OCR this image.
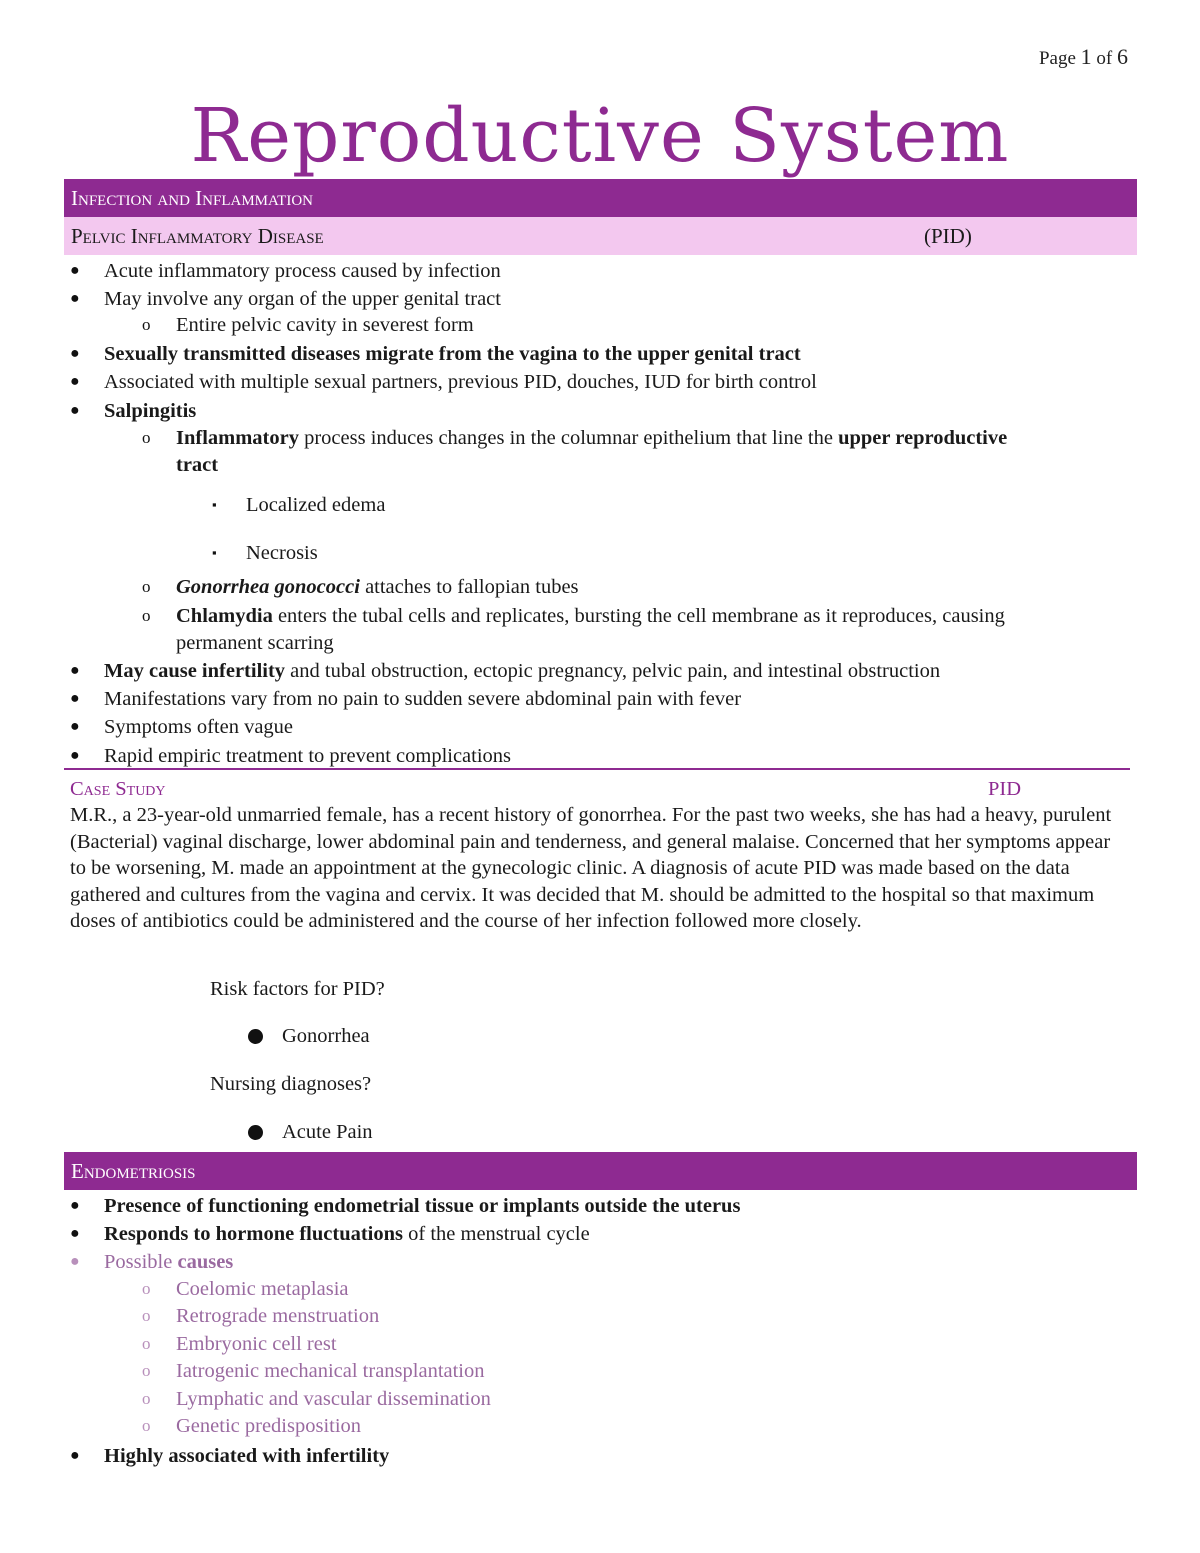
Page 1 of 6
Reproductive System
Infection and Inflammation
Pelvic Inflammatory Disease	(PID)
● Acute inflammatory process caused by infection
● May involve any organ of the upper genital tract
o Entire pelvic cavity in severest form
● Sexually transmitted diseases migrate from the vagina to the upper genital tract
● Associated with multiple sexual partners, previous PID, douches, IUD for birth control
● Salpingitis
o Inflammatory process induces changes in the columnar epithelium that line the upper reproductive
tract
▪ Localized edema
▪ Necrosis
o Gonorrhea gonococci attaches to fallopian tubes
o Chlamydia enters the tubal cells and replicates, bursting the cell membrane as it reproduces, causing
permanent scarring
● May cause infertility and tubal obstruction, ectopic pregnancy, pelvic pain, and intestinal obstruction
● Manifestations vary from no pain to sudden severe abdominal pain with fever
● Symptoms often vague
● Rapid empiric treatment to prevent complications
Case Study	PID
M.R., a 23-year-old unmarried female, has a recent history of gonorrhea. For the past two weeks, she has had a heavy, purulent (Bacterial) vaginal discharge, lower abdominal pain and tenderness, and general malaise. Concerned that her symptoms appear to be worsening, M. made an appointment at the gynecologic clinic. A diagnosis of acute PID was made based on the data gathered and cultures from the vagina and cervix. It was decided that M. should be admitted to the hospital so that maximum doses of antibiotics could be administered and the course of her infection followed more closely.
Risk factors for PID?
Gonorrhea
Nursing diagnoses?
Acute Pain
Endometriosis
● Presence of functioning endometrial tissue or implants outside the uterus
● Responds to hormone fluctuations of the menstrual cycle
● Possible causes
o Coelomic metaplasia
o Retrograde menstruation
o Embryonic cell rest
o Iatrogenic mechanical transplantation
o Lymphatic and vascular dissemination
o Genetic predisposition
● Highly associated with infertility
